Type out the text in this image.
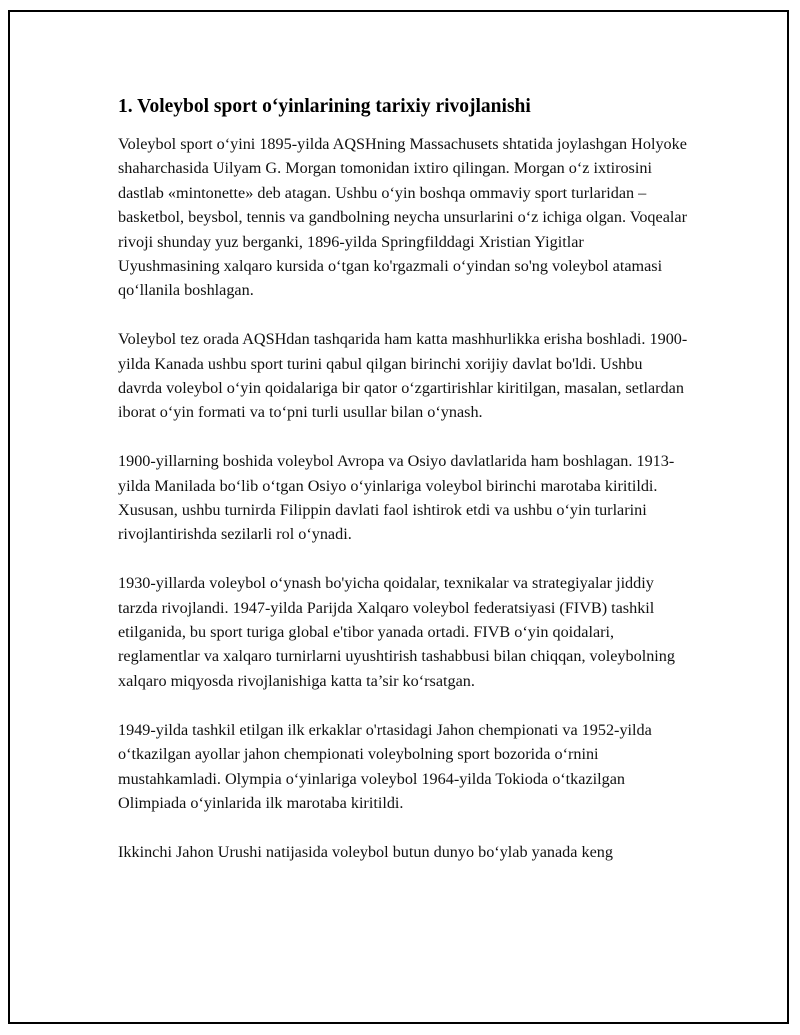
1. Voleybol sport o‘yinlarining tarixiy rivojlanishi

Voleybol sport o‘yini 1895-yilda AQSHning Massachusets shtatida joylashgan Holyoke shaharchasida Uilyam G. Morgan tomonidan ixtiro qilingan. Morgan o‘z ixtirosini dastlab «mintonette» deb atagan. Ushbu o‘yin boshqa ommaviy sport turlaridan – basketbol, beysbol, tennis va gandbolning neycha unsurlarini o‘z ichiga olgan. Voqealar rivoji shunday yuz berganki, 1896-yilda Springfilddagi Xristian Yigitlar Uyushmasining xalqaro kursida o‘tgan ko'rgazmali o‘yindan so'ng voleybol atamasi qo‘llanila boshlagan.

Voleybol tez orada AQSHdan tashqarida ham katta mashhurlikka erisha boshladi. 1900-yilda Kanada ushbu sport turini qabul qilgan birinchi xorijiy davlat bo'ldi. Ushbu davrda voleybol o‘yin qoidalariga bir qator o‘zgartirishlar kiritilgan, masalan, setlardan iborat o‘yin formati va to‘pni turli usullar bilan o‘ynash.

1900-yillarning boshida voleybol Avropa va Osiyo davlatlarida ham boshlagan. 1913-yilda Manilada bo‘lib o‘tgan Osiyo o‘yinlariga voleybol birinchi marotaba kiritildi. Xususan, ushbu turnirda Filippin davlati faol ishtirok etdi va ushbu o‘yin turlarini rivojlantirishda sezilarli rol o‘ynadi.

1930-yillarda voleybol o‘ynash bo'yicha qoidalar, texnikalar va strategiyalar jiddiy tarzda rivojlandi. 1947-yilda Parijda Xalqaro voleybol federatsiyasi (FIVB) tashkil etilganida, bu sport turiga global e'tibor yanada ortadi. FIVB o‘yin qoidalari, reglamentlar va xalqaro turnirlarni uyushtirish tashabbusi bilan chiqqan, voleybolning xalqaro miqyosda rivojlanishiga katta ta’sir ko‘rsatgan.

1949-yilda tashkil etilgan ilk erkaklar o'rtasidagi Jahon chempionati va 1952-yilda o‘tkazilgan ayollar jahon chempionati voleybolning sport bozorida o‘rnini mustahkamladi. Olympia o‘yinlariga voleybol 1964-yilda Tokioda o‘tkazilgan Olimpiada o‘yinlarida ilk marotaba kiritildi.

Ikkinchi Jahon Urushi natijasida voleybol butun dunyo bo‘ylab yanada keng
